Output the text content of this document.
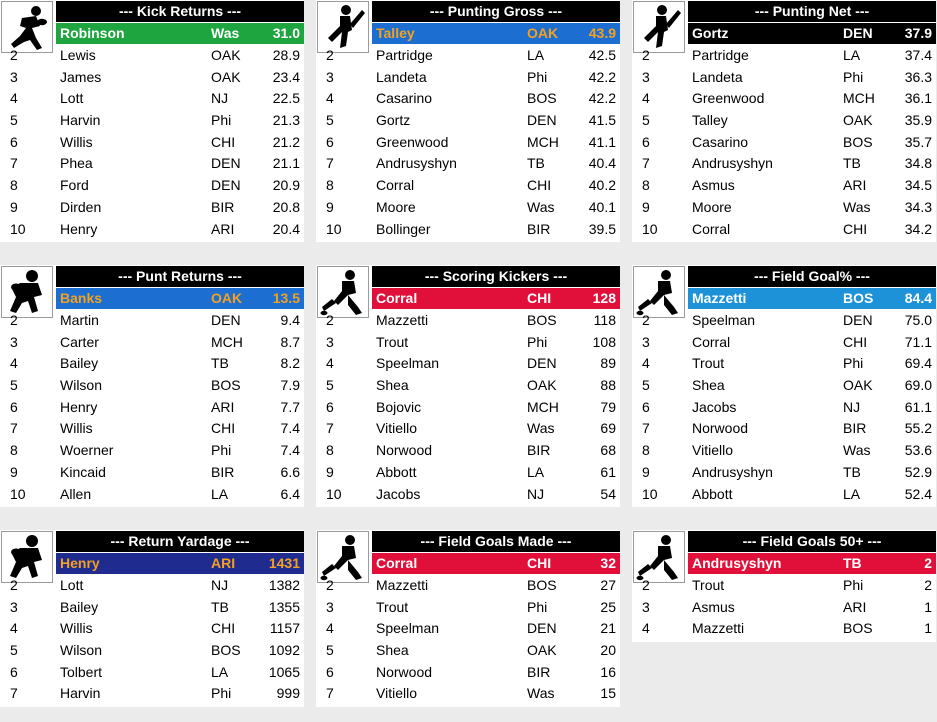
--- Kick Returns ---
Robinson	Was 31.0
2	Lewis	OAK 28.9
3	James	OAK 23.4
4	Lott	NJ	22.5
5	Harvin	Phi	21.3
6	Willis	CHI	21.2
7	Phea	DEN 21.1
8	Ford	DEN 20.9
9	Dirden	BIR	20.8
10	Henry	ARI	20.4
--- Punting Gross ---
Talley	OAK 43.9
2	Partridge	LA	42.5
3	Landeta	Phi	42.2
4	Casarino	BOS 42.2
5	Gortz	DEN 41.5
6	Greenwood	MCH 41.1
7	Andrusyshyn	TB	40.4
8	Corral	CHI	40.2
9	Moore	Was 40.1
10	Bollinger	BIR	39.5
--- Punting Net ---
Gortz	DEN 37.9
2	Partridge	LA	37.4
3	Landeta	Phi	36.3
4	Greenwood	MCH 36.1
5	Talley	OAK 35.9
6	Casarino	BOS 35.7
7	Andrusyshyn	TB	34.8
8	Asmus	ARI	34.5
9	Moore	Was 34.3
10	Corral	CHI	34.2
--- Punt Returns ---
Banks	OAK 13.5
2	Martin	DEN	9.4
3	Carter	MCH	8.7
4	Bailey	TB	8.2
5	Wilson	BOS	7.9
6	Henry	ARI	7.7
7	Willis	CHI	7.4
8	Woerner	Phi	7.4
9	Kincaid	BIR	6.6
10	Allen	LA	6.4
--- Scoring Kickers ---
Corral	CHI	128
2	Mazzetti	BOS	118
3	Trout	Phi	108
4	Speelman	DEN	89
5	Shea	OAK	88
6	Bojovic	MCH	79
7	Vitiello	Was	69
8	Norwood	BIR	68
9	Abbott	LA	61
10	Jacobs	NJ	54
--- Field Goal% ---
Mazzetti	BOS 84.4
2	Speelman	DEN 75.0
3	Corral	CHI	71.1
4	Trout	Phi	69.4
5	Shea	OAK 69.0
6	Jacobs	NJ	61.1
7	Norwood	BIR	55.2
8	Vitiello	Was 53.6
9	Andrusyshyn	TB	52.9
10	Abbott	LA	52.4
--- Return Yardage ---
Henry	ARI 1431
2	Lott	NJ	1382
3	Bailey	TB	1355
4	Willis	CHI 1157
5	Wilson	BOS 1092
6	Tolbert	LA	1065
7	Harvin	Phi	999
--- Field Goals Made ---
Corral	CHI	32
2	Mazzetti	BOS	27
3	Trout	Phi	25
4	Speelman	DEN	21
5	Shea	OAK	20
6	Norwood	BIR	16
7	Vitiello	Was	15
--- Field Goals 50+ ---
Andrusyshyn	TB	2
2	Trout	Phi	2
3	Asmus	ARI	1
4	Mazzetti	BOS	1
